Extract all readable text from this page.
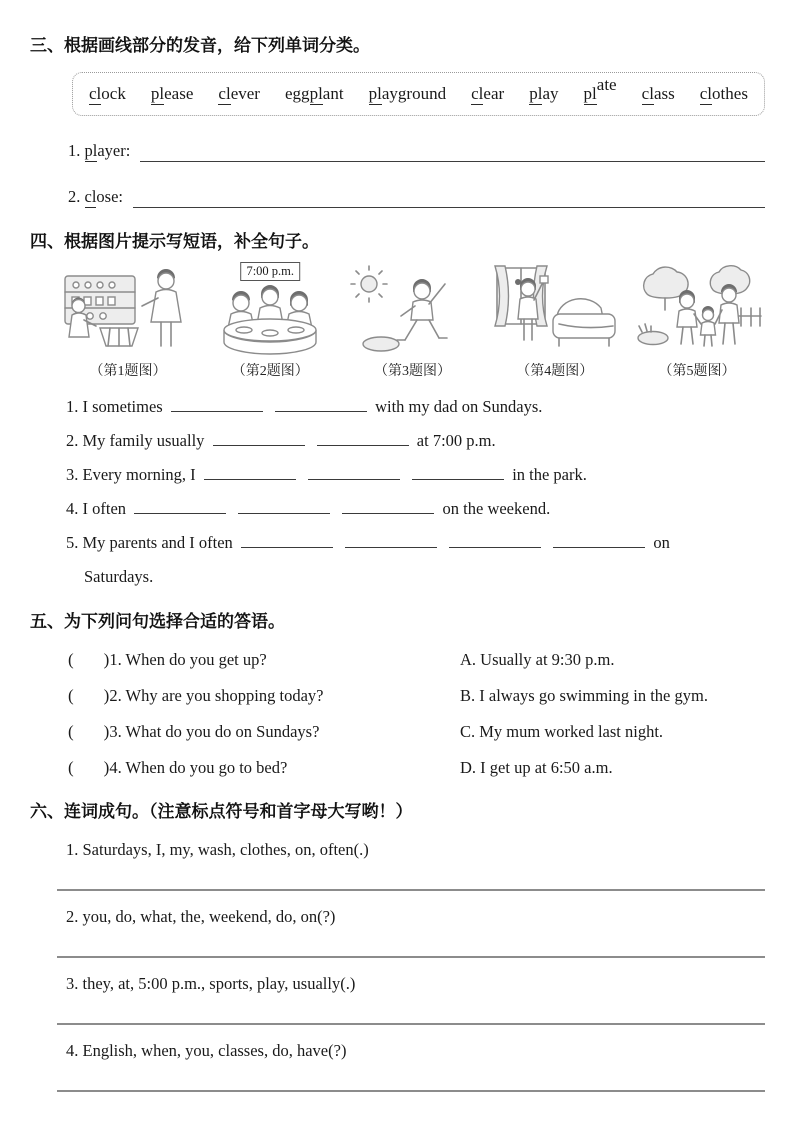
三、根据画线部分的发音，给下列单词分类。
clock please clever eggplant playground clear play plate class clothes
1. player:
2. close:
四、根据图片提示写短语，补全句子。
（第1题图）
7:00 p.m.
（第2题图）	（第3题图）	（第4题图）	（第5题图）
1. I sometimes	with my dad on Sundays.
2. My family usually	at 7:00 p.m.
3. Every morning, I	in the park.
4. I often	on the weekend.
5. My parents and I often	on
Saturdays.
五、为下列问句选择合适的答语。
( ) 1. When do you get up?	A. Usually at 9:30 p.m.
( ) 2. Why are you shopping today?	B. I always go swimming in the gym.
( ) 3. What do you do on Sundays?	C. My mum worked last night.
( ) 4. When do you go to bed?	D. I get up at 6:50 a.m.
六、连词成句。（注意标点符号和首字母大写哟！）
1. Saturdays, I, my, wash, clothes, on, often(.)
2. you, do, what, the, weekend, do, on(?)
3. they, at, 5:00 p.m., sports, play, usually(.)
4. English, when, you, classes, do, have(?)
